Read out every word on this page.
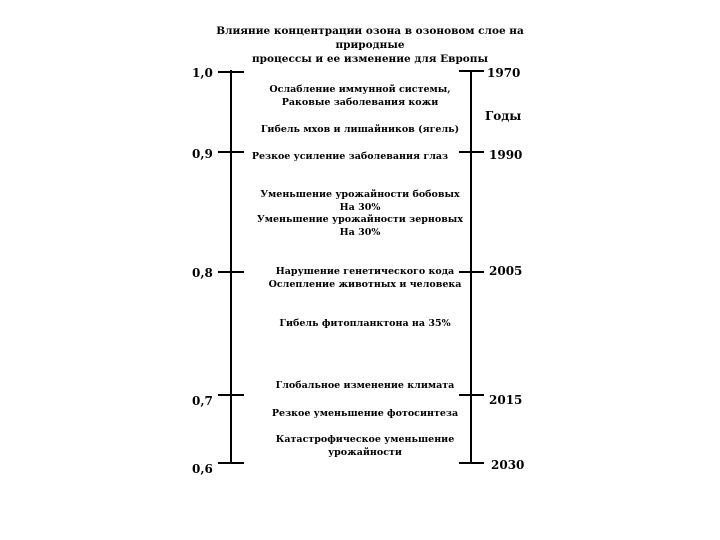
Влияние концентрации озона в озоновом слое на природные
процессы и ее изменение для Европы
1,0
0,9
0,8
0,7
0,6
1970
Годы
1990
2005
2015
2030
Ослабление иммунной системы,
Раковые заболевания кожи
Гибель мхов и лишайников (ягель)
Резкое усиление заболевания глаз
Уменьшение урожайности бобовых
На 30%
Уменьшение урожайности зерновых
На 30%
Нарушение генетического кода
Ослепление животных и человека
Гибель фитопланктона на 35%
Глобальное изменение климата
Резкое уменьшение фотосинтеза
Катастрофическое уменьшение
урожайности
